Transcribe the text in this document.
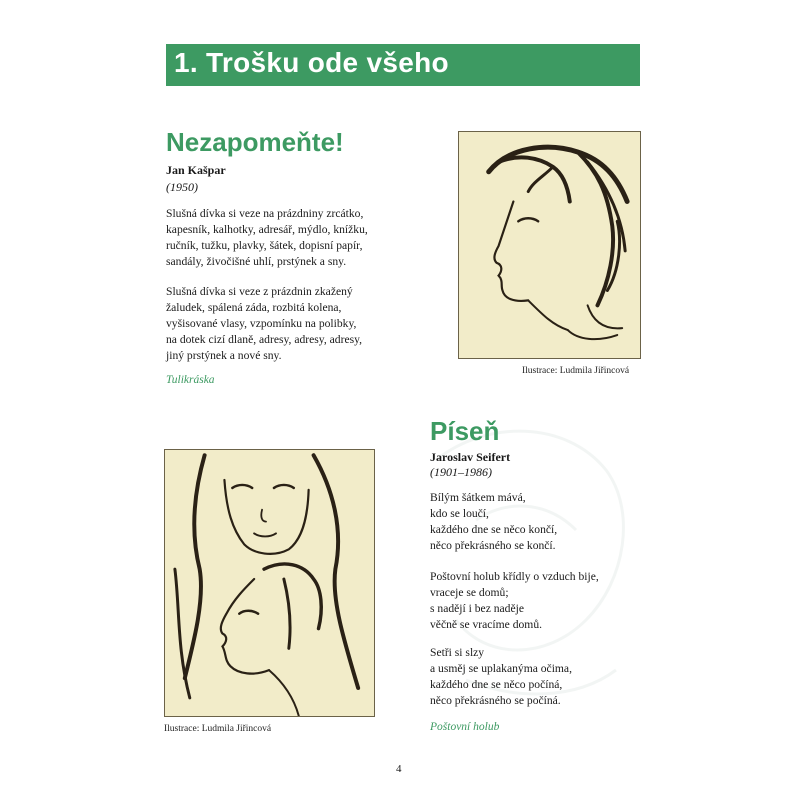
1. Trošku ode všeho
Nezapomeňte!
Jan Kašpar
(1950)
Slušná dívka si veze na prázdniny zrcátko,
kapesník, kalhotky, adresář, mýdlo, knížku,
ručník, tužku, plavky, šátek, dopisní papír,
sandály, živočišné uhlí, prstýnek a sny.
Slušná dívka si veze z prázdnin zkažený
žaludek, spálená záda, rozbitá kolena,
vyšisované vlasy, vzpomínku na polibky,
na dotek cizí dlaně, adresy, adresy, adresy,
jiný prstýnek a nové sny.
Tulikráska
Ilustrace: Ludmila Jiřincová
Píseň
Jaroslav Seifert
(1901–1986)
Bílým šátkem mává,
kdo se loučí,
každého dne se něco končí,
něco překrásného se končí.
Poštovní holub křídly o vzduch bije,
vraceje se domů;
s nadějí i bez naděje
věčně se vracíme domů.
Setři si slzy
a usměj se uplakanýma očima,
každého dne se něco počíná,
něco překrásného se počíná.
Poštovní holub
Ilustrace: Ludmila Jiřincová
4
